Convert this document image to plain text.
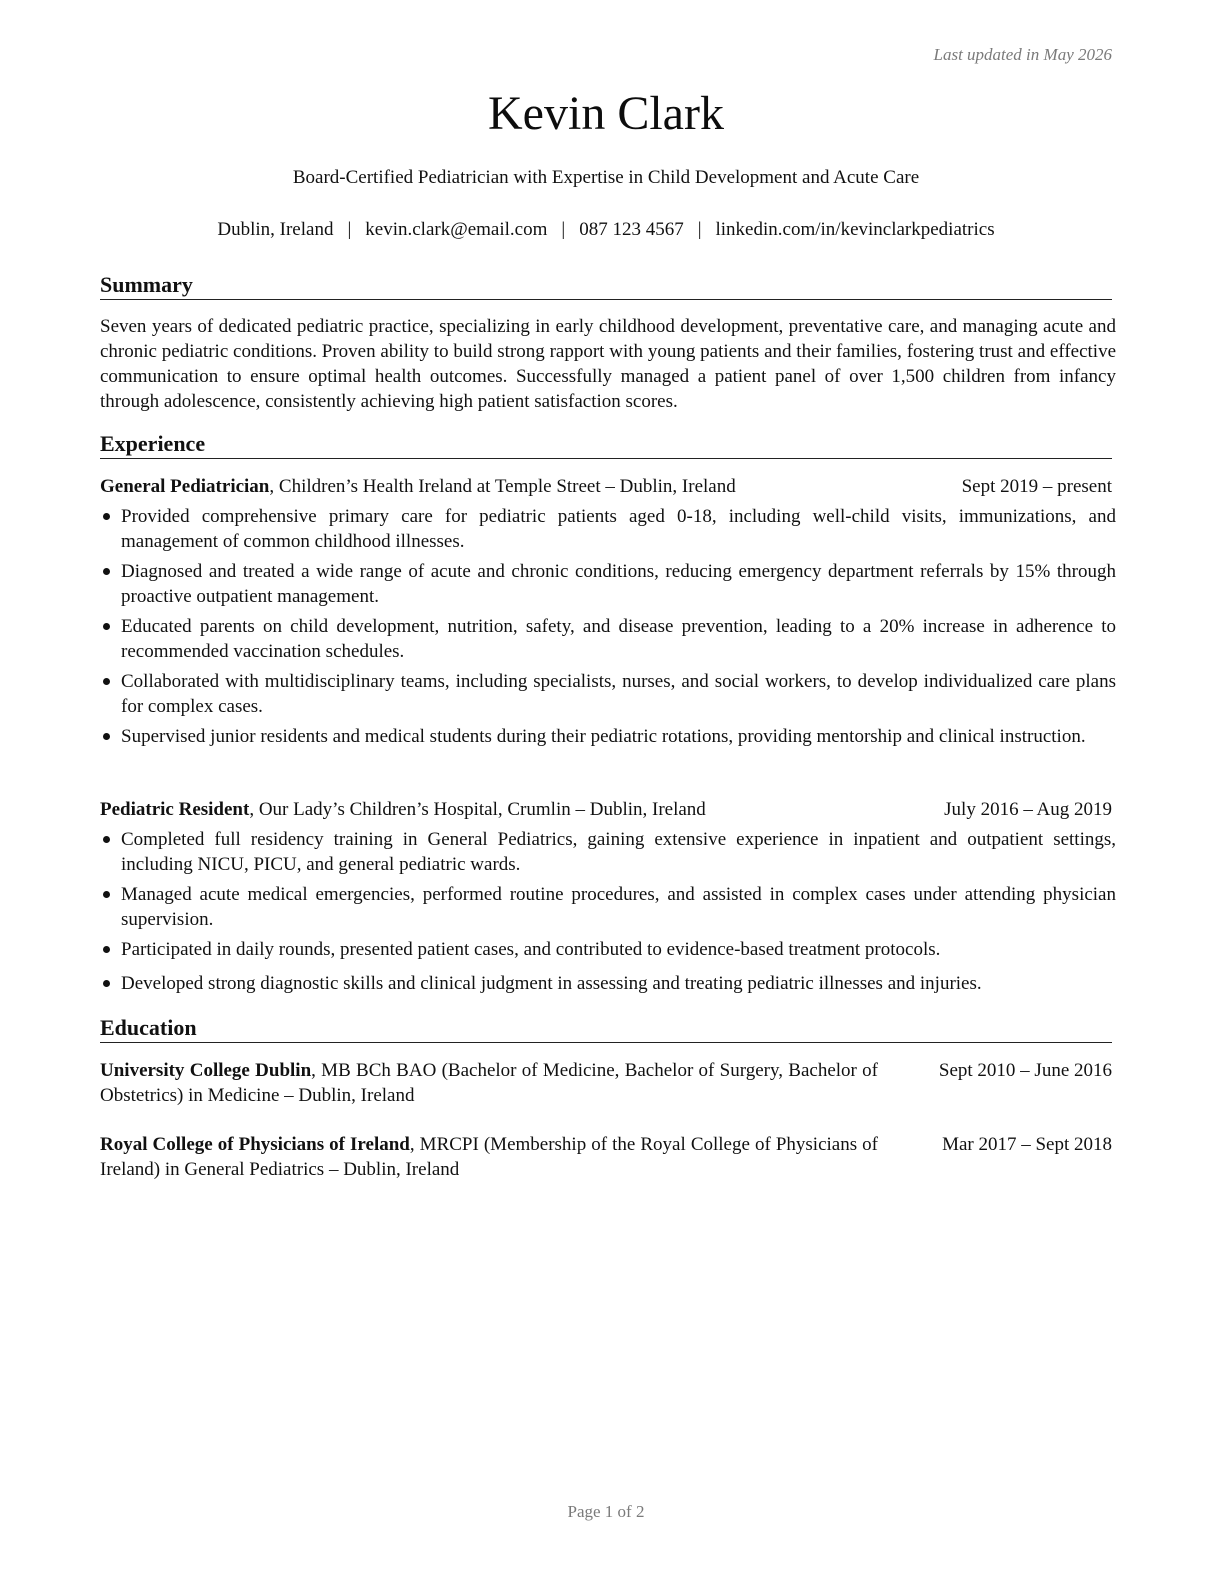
Last updated in May 2026
Kevin Clark
Board-Certified Pediatrician with Expertise in Child Development and Acute Care
Dublin, Ireland | kevin.clark@email.com | 087 123 4567 | linkedin.com/in/kevinclarkpediatrics
Summary
Seven years of dedicated pediatric practice, specializing in early childhood development, preventative care, and managing acute and chronic pediatric conditions. Proven ability to build strong rapport with young patients and their families, fostering trust and effective communication to ensure optimal health outcomes. Successfully managed a patient panel of over 1,500 children from infancy through adolescence, consistently achieving high patient satisfaction scores.
Experience
General Pediatrician, Children’s Health Ireland at Temple Street – Dublin, Ireland	Sept 2019 – present
Provided comprehensive primary care for pediatric patients aged 0-18, including well-child visits, immunizations, and management of common childhood illnesses.
Diagnosed and treated a wide range of acute and chronic conditions, reducing emergency department referrals by 15% through proactive outpatient management.
Educated parents on child development, nutrition, safety, and disease prevention, leading to a 20% increase in adherence to recommended vaccination schedules.
Collaborated with multidisciplinary teams, including specialists, nurses, and social workers, to develop individualized care plans for complex cases.
Supervised junior residents and medical students during their pediatric rotations, providing mentorship and clinical instruction.
Pediatric Resident, Our Lady’s Children’s Hospital, Crumlin – Dublin, Ireland	July 2016 – Aug 2019
Completed full residency training in General Pediatrics, gaining extensive experience in inpatient and outpatient settings, including NICU, PICU, and general pediatric wards.
Managed acute medical emergencies, performed routine procedures, and assisted in complex cases under attending physician supervision.
Participated in daily rounds, presented patient cases, and contributed to evidence-based treatment protocols.
Developed strong diagnostic skills and clinical judgment in assessing and treating pediatric illnesses and injuries.
Education
University College Dublin, MB BCh BAO (Bachelor of Medicine, Bachelor of Surgery, Bachelor of Obstetrics) in Medicine – Dublin, Ireland
Sept 2010 – June 2016
Royal College of Physicians of Ireland, MRCPI (Membership of the Royal College of Physicians of Ireland) in General Pediatrics – Dublin, Ireland
Mar 2017 – Sept 2018
Page 1 of 2
